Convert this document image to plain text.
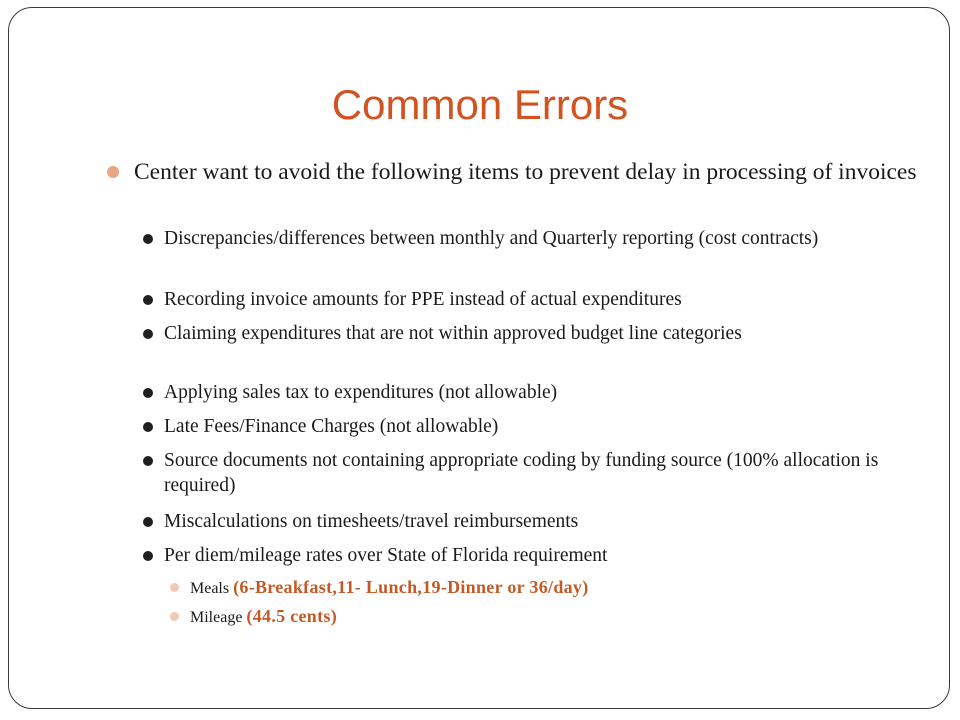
Common Errors
Center want to avoid the following items to prevent delay in processing of invoices
Discrepancies/differences between monthly and Quarterly reporting (cost contracts)
Recording invoice amounts for PPE instead of actual expenditures
Claiming expenditures that are not within approved budget line categories
Applying sales tax to expenditures (not allowable)
Late Fees/Finance Charges (not allowable)
Source documents not containing appropriate coding by funding source (100% allocation is required)
Miscalculations on timesheets/travel reimbursements
Per diem/mileage rates over State of Florida requirement
Meals (6-Breakfast,11- Lunch,19-Dinner or 36/day)
Mileage (44.5 cents)
